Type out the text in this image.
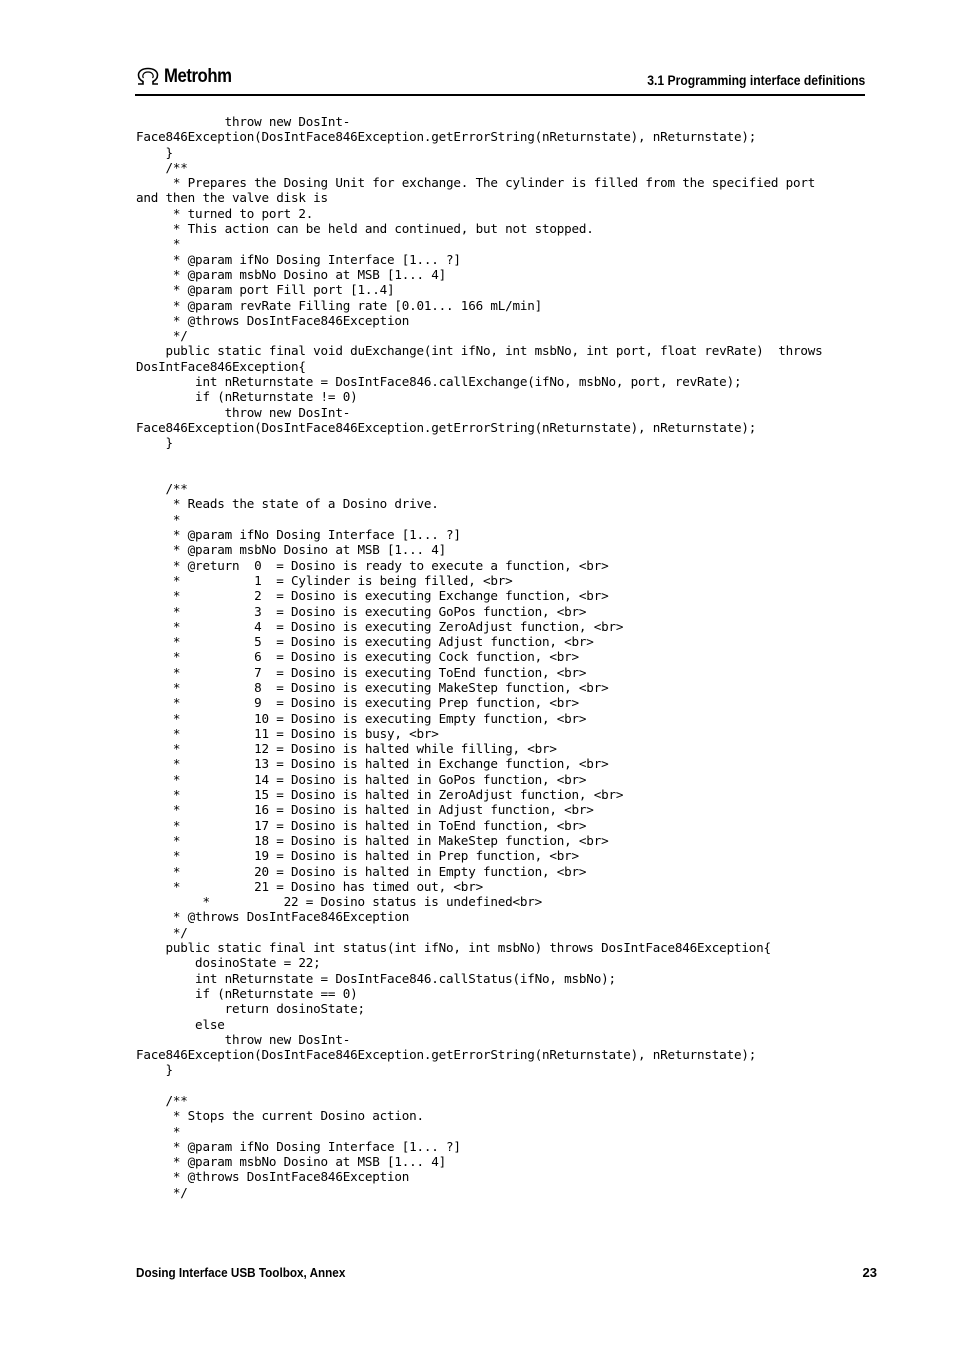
Metrohm	3.1 Programming interface definitions
throw new DosInt-
Face846Exception(DosIntFace846Exception.getErrorString(nReturnstate), nReturnstate);
}
/**
* Prepares the Dosing Unit for exchange. The cylinder is filled from the specified port
and then the valve disk is
* turned to port 2.
* This action can be held and continued, but not stopped.
*
* @param ifNo Dosing Interface [1... ?]
* @param msbNo Dosino at MSB [1... 4]
* @param port Fill port [1..4]
* @param revRate Filling rate [0.01... 166 mL/min]
* @throws DosIntFace846Exception
*/
public static final void duExchange(int ifNo, int msbNo, int port, float revRate)  throws
DosIntFace846Exception{
int nReturnstate = DosIntFace846.callExchange(ifNo, msbNo, port, revRate);
if (nReturnstate != 0)
throw new DosInt-
Face846Exception(DosIntFace846Exception.getErrorString(nReturnstate), nReturnstate);
}

/**
* Reads the state of a Dosino drive.
*
* @param ifNo Dosing Interface [1... ?]
* @param msbNo Dosino at MSB [1... 4]
* @return  0  = Dosino is ready to execute a function, <br>
*          1  = Cylinder is being filled, <br>
*          2  = Dosino is executing Exchange function, <br>
*          3  = Dosino is executing GoPos function, <br>
*          4  = Dosino is executing ZeroAdjust function, <br>
*          5  = Dosino is executing Adjust function, <br>
*          6  = Dosino is executing Cock function, <br>
*          7  = Dosino is executing ToEnd function, <br>
*          8  = Dosino is executing MakeStep function, <br>
*          9  = Dosino is executing Prep function, <br>
*          10 = Dosino is executing Empty function, <br>
*          11 = Dosino is busy, <br>
*          12 = Dosino is halted while filling, <br>
*          13 = Dosino is halted in Exchange function, <br>
*          14 = Dosino is halted in GoPos function, <br>
*          15 = Dosino is halted in ZeroAdjust function, <br>
*          16 = Dosino is halted in Adjust function, <br>
*          17 = Dosino is halted in ToEnd function, <br>
*          18 = Dosino is halted in MakeStep function, <br>
*          19 = Dosino is halted in Prep function, <br>
*          20 = Dosino is halted in Empty function, <br>
*          21 = Dosino has timed out, <br>
*          22 = Dosino status is undefined<br>
* @throws DosIntFace846Exception
*/
public static final int status(int ifNo, int msbNo) throws DosIntFace846Exception{
dosinoState = 22;
int nReturnstate = DosIntFace846.callStatus(ifNo, msbNo);
if (nReturnstate == 0)
return dosinoState;
else
throw new DosInt-
Face846Exception(DosIntFace846Exception.getErrorString(nReturnstate), nReturnstate);
}

/**
* Stops the current Dosino action.
*
* @param ifNo Dosing Interface [1... ?]
* @param msbNo Dosino at MSB [1... 4]
* @throws DosIntFace846Exception
*/

Dosing Interface USB Toolbox, Annex	23
